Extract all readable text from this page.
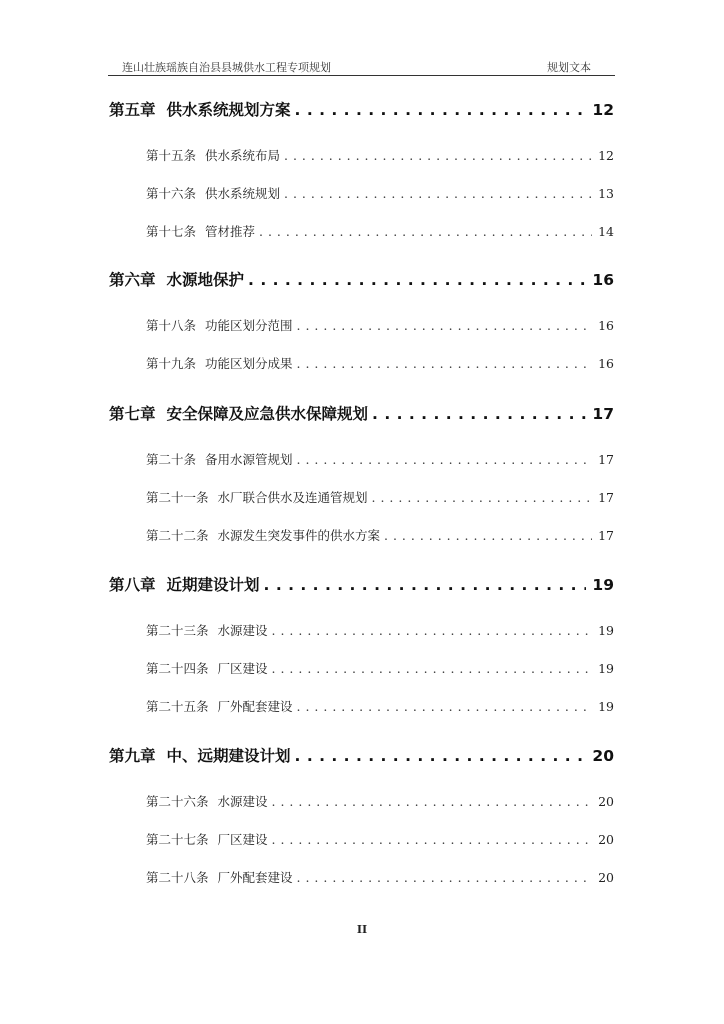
连山壮族瑶族自治县县城供水工程专项规划	规划文本
第五章 供水系统规划方案 . . .	12
第十五条 供水系统布局 . . .	12
第十六条 供水系统规划 . . .	13
第十七条 管材推荐 . . .	14
第六章 水源地保护 . . .	16
第十八条 功能区划分范围 . . .	16
第十九条 功能区划分成果 . . .	16
第七章 安全保障及应急供水保障规划 . . .	17
第二十条 备用水源管规划 . . .	17
第二十一条 水厂联合供水及连通管规划 . . .	17
第二十二条 水源发生突发事件的供水方案 . . .	17
第八章 近期建设计划 . . .	19
第二十三条 水源建设 . . .	19
第二十四条 厂区建设 . . .	19
第二十五条 厂外配套建设 . . .	19
第九章 中、远期建设计划 . . .	20
第二十六条 水源建设 . . .	20
第二十七条 厂区建设 . . .	20
第二十八条 厂外配套建设 . . .	20
II
